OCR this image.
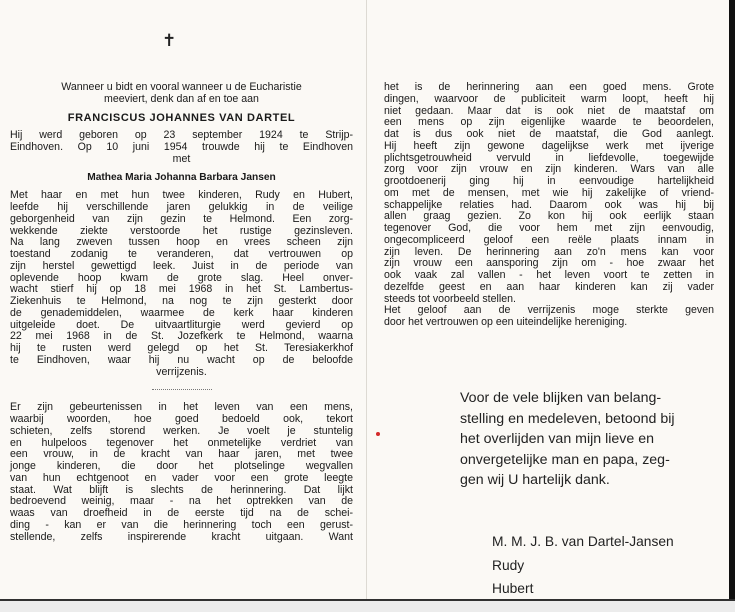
✝
Wanneer u bidt en vooral wanneer u de Eucharistie
meeviert, denk dan af en toe aan
FRANCISCUS JOHANNES VAN DARTEL
Hij werd geboren op 23 september 1924 te Strijp-
Eindhoven. Op 10 juni 1954 trouwde hij te Eindhoven
met
Mathea Maria Johanna Barbara Jansen
Met haar en met hun twee kinderen, Rudy en Hubert,
leefde hij verschillende jaren gelukkig in de veilige
geborgenheid van zijn gezin te Helmond. Een zorg-
wekkende ziekte verstoorde het rustige gezinsleven.
Na lang zweven tussen hoop en vrees scheen zijn
toestand zodanig te veranderen, dat vertrouwen op
zijn herstel gewettigd leek. Juist in de periode van
oplevende hoop kwam de grote slag. Heel onver-
wacht stierf hij op 18 mei 1968 in het St. Lambertus-
Ziekenhuis te Helmond, na nog te zijn gesterkt door
de genademiddelen, waarmee de kerk haar kinderen
uitgeleide doet. De uitvaartliturgie werd gevierd op
22 mei 1968 in de St. Jozefkerk te Helmond, waarna
hij te rusten werd gelegd op het St. Teresiakerkhof
te Eindhoven, waar hij nu wacht op de beloofde
verrijzenis.
Er zijn gebeurtenissen in het leven van een mens,
waarbij woorden, hoe goed bedoeld ook, tekort
schieten, zelfs storend werken. Je voelt je stuntelig
en hulpeloos tegenover het onmetelijke verdriet van
een vrouw, in de kracht van haar jaren, met twee
jonge kinderen, die door het plotselinge wegvallen
van hun echtgenoot en vader voor een grote leegte
staat. Wat blijft is slechts de herinnering. Dat lijkt
bedroevend weinig, maar - na het optrekken van de
waas van droefheid in de eerste tijd na de schei-
ding - kan er van die herinnering toch een gerust-
stellende, zelfs inspirerende kracht uitgaan. Want
het is de herinnering aan een goed mens. Grote
dingen, waarvoor de publiciteit warm loopt, heeft hij
niet gedaan. Maar dat is ook niet de maatstaf om
een mens op zijn eigenlijke waarde te beoordelen,
dat is dus ook niet de maatstaf, die God aanlegt.
Hij heeft zijn gewone dagelijkse werk met ijverige
plichtsgetrouwheid vervuld in liefdevolle, toegewijde
zorg voor zijn vrouw en zijn kinderen. Wars van alle
grootdoenerij ging hij in eenvoudige hartelijkheid
om met de mensen, met wie hij zakelijke of vriend-
schappelijke relaties had. Daarom ook was hij bij
allen graag gezien. Zo kon hij ook eerlijk staan
tegenover God, die voor hem met zijn eenvoudig,
ongecompliceerd geloof een reële plaats innam in
zijn leven. De herinnering aan zo'n mens kan voor
zijn vrouw een aansporing zijn om - hoe zwaar het
ook vaak zal vallen - het leven voort te zetten in
dezelfde geest en aan haar kinderen kan zij vader
steeds tot voorbeeld stellen.
Het geloof aan de verrijzenis moge sterkte geven
door het vertrouwen op een uiteindelijke hereniging.
Voor de vele blijken van belang-
stelling en medeleven, betoond bij
het overlijden van mijn lieve en
onvergetelijke man en papa, zeg-
gen wij U hartelijk dank.
M. M. J. B. van Dartel-Jansen
Rudy
Hubert
